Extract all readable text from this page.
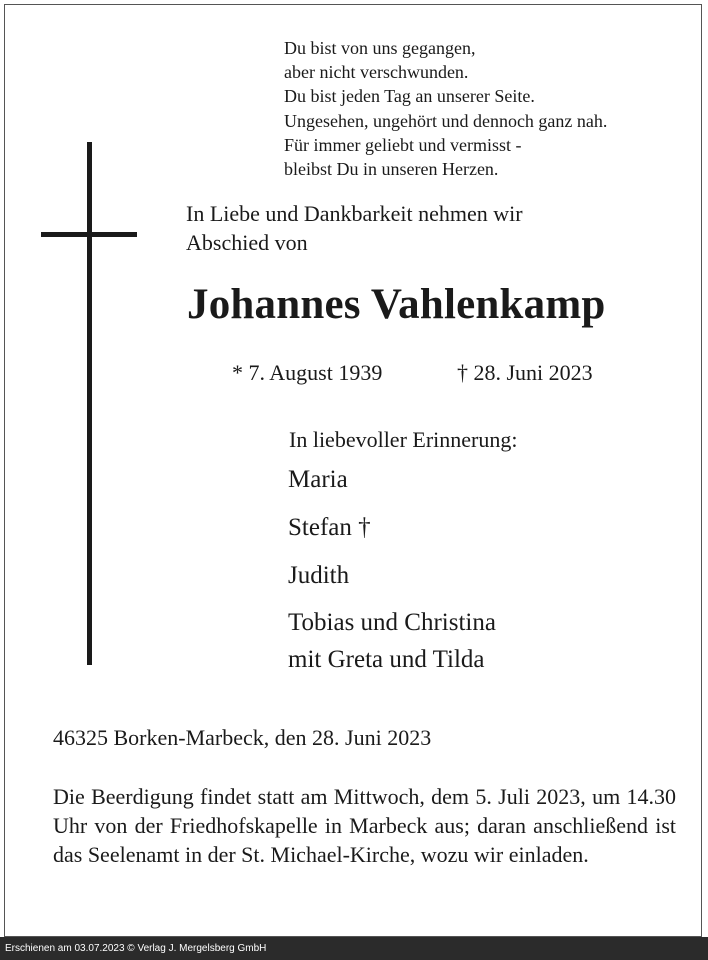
Du bist von uns gegangen,
aber nicht verschwunden.
Du bist jeden Tag an unserer Seite.
Ungesehen, ungehört und dennoch ganz nah.
Für immer geliebt und vermisst -
bleibst Du in unseren Herzen.
In Liebe und Dankbarkeit nehmen wir
Abschied von
Johannes Vahlenkamp
* 7. August 1939	† 28. Juni 2023
In liebevoller Erinnerung:
Maria
Stefan †
Judith
Tobias und Christina
mit Greta und Tilda
46325 Borken-Marbeck, den 28. Juni 2023
Die Beerdigung findet statt am Mittwoch, dem 5. Juli 2023, um 14.30 Uhr von der Friedhofskapelle in Marbeck aus; daran anschließend ist das Seelenamt in der St. Michael-Kirche, wozu wir einladen.
Erschienen am 03.07.2023 © Verlag J. Mergelsberg GmbH
